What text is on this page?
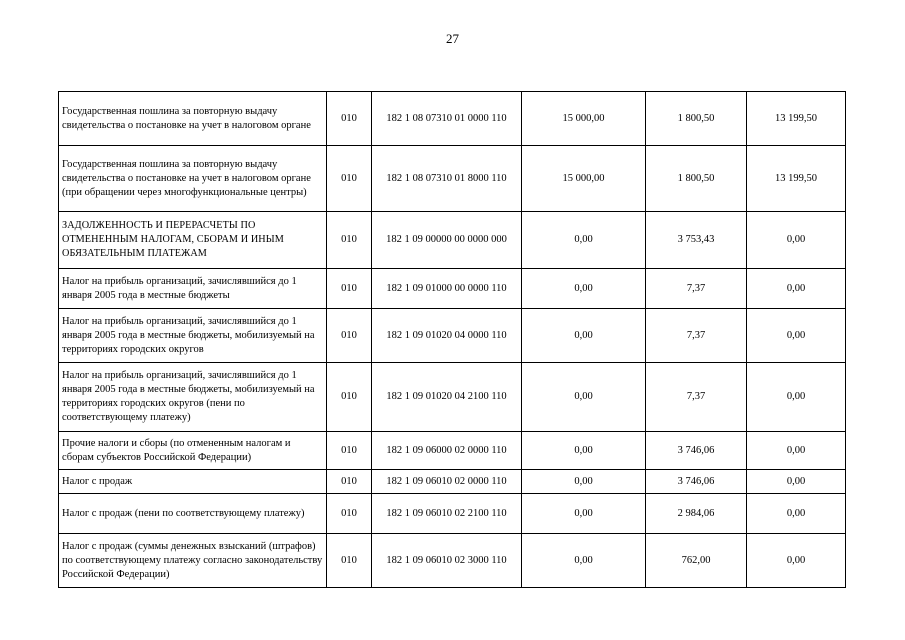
27
Государственная пошлина за повторную выдачу свидетельства о постановке на учет в налоговом органе	010	182 1 08 07310 01 0000 110	15 000,00	1 800,50	13 199,50
Государственная пошлина за повторную выдачу свидетельства о постановке на учет в налоговом органе (при обращении через многофункциональные центры)	010	182 1 08 07310 01 8000 110	15 000,00	1 800,50	13 199,50
ЗАДОЛЖЕННОСТЬ И ПЕРЕРАСЧЕТЫ ПО ОТМЕНЕННЫМ НАЛОГАМ, СБОРАМ И ИНЫМ ОБЯЗАТЕЛЬНЫМ ПЛАТЕЖАМ	010	182 1 09 00000 00 0000 000	0,00	3 753,43	0,00
Налог на прибыль организаций, зачислявшийся до 1 января 2005 года в местные бюджеты	010	182 1 09 01000 00 0000 110	0,00	7,37	0,00
Налог на прибыль организаций, зачислявшийся до 1 января 2005 года в местные бюджеты, мобилизуемый на территориях городских округов	010	182 1 09 01020 04 0000 110	0,00	7,37	0,00
Налог на прибыль организаций, зачислявшийся до 1 января 2005 года в местные бюджеты, мобилизуемый на территориях городских округов (пени по соответствующему платежу)	010	182 1 09 01020 04 2100 110	0,00	7,37	0,00
Прочие налоги и сборы (по отмененным налогам и сборам субъектов Российской Федерации)	010	182 1 09 06000 02 0000 110	0,00	3 746,06	0,00
Налог с продаж	010	182 1 09 06010 02 0000 110	0,00	3 746,06	0,00
Налог с продаж (пени по соответствующему платежу)	010	182 1 09 06010 02 2100 110	0,00	2 984,06	0,00
Налог с продаж (суммы денежных взысканий (штрафов) по соответствующему платежу согласно законодательству Российской Федерации)	010	182 1 09 06010 02 3000 110	0,00	762,00	0,00
